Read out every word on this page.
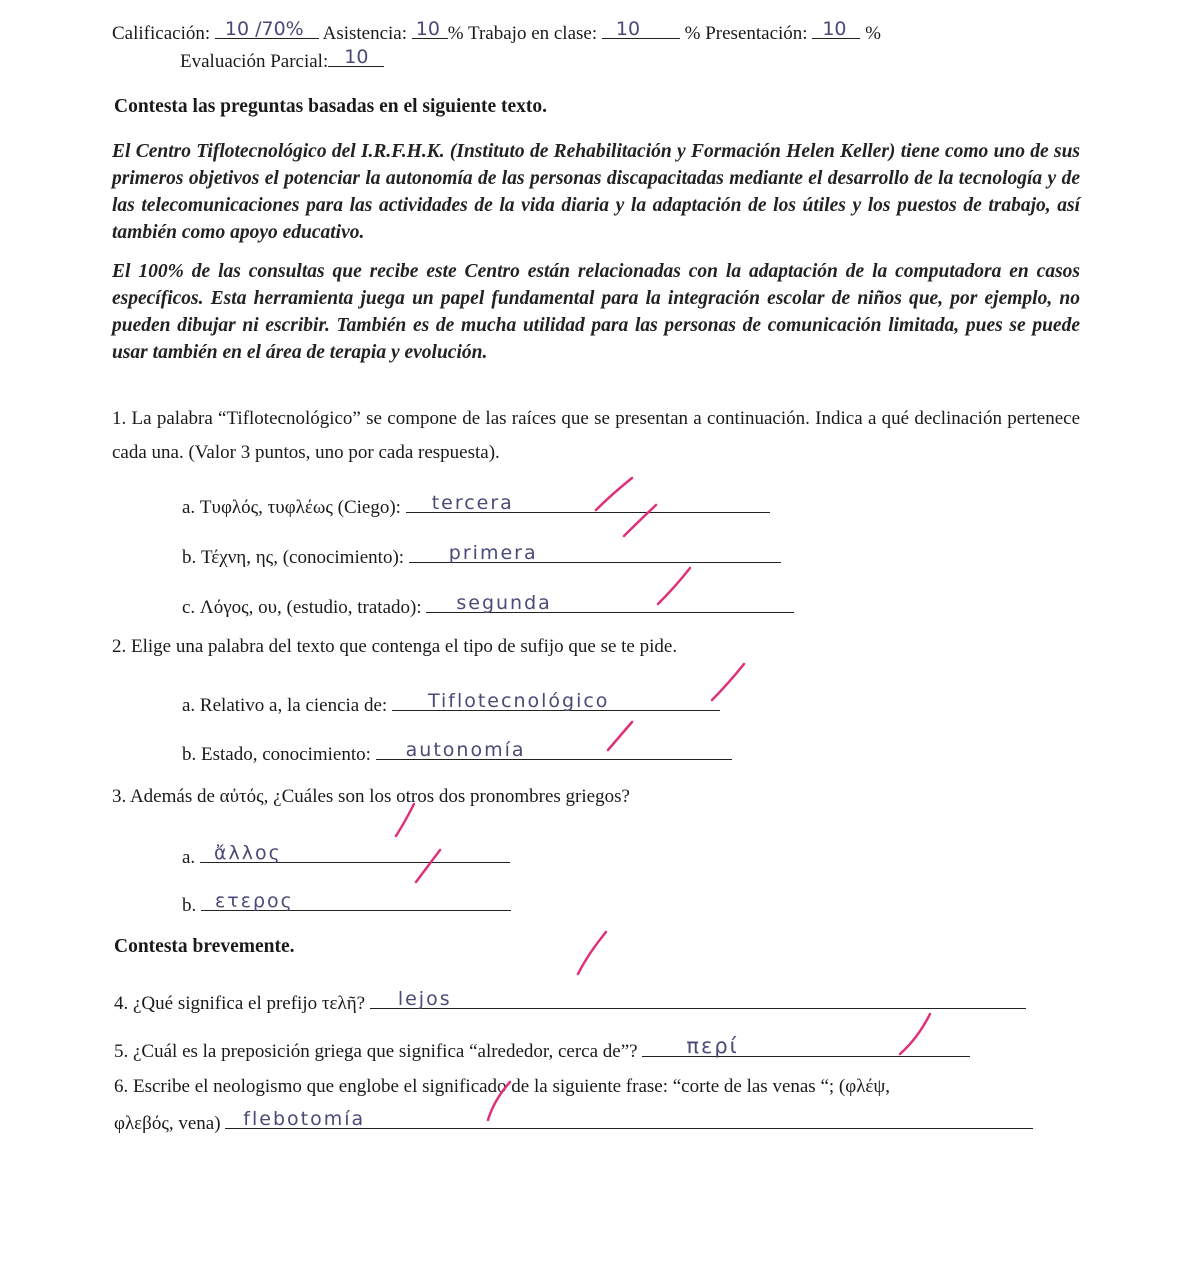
Calificación: 10 /70% Asistencia: 10 % Trabajo en clase: 10 % Presentación: 10 %
Evaluación Parcial: 10
Contesta las preguntas basadas en el siguiente texto.
El Centro Tiflotecnológico del I.R.F.H.K. (Instituto de Rehabilitación y Formación Helen Keller) tiene como uno de sus primeros objetivos el potenciar la autonomía de las personas discapacitadas mediante el desarrollo de la tecnología y de las telecomunicaciones para las actividades de la vida diaria y la adaptación de los útiles y los puestos de trabajo, así también como apoyo educativo.
El 100% de las consultas que recibe este Centro están relacionadas con la adaptación de la computadora en casos específicos. Esta herramienta juega un papel fundamental para la integración escolar de niños que, por ejemplo, no pueden dibujar ni escribir. También es de mucha utilidad para las personas de comunicación limitada, pues se puede usar también en el área de terapia y evolución.
1. La palabra “Tiflotecnológico” se compone de las raíces que se presentan a continuación. Indica a qué declinación pertenece cada una. (Valor 3 puntos, uno por cada respuesta).
a. Τυφλός, τυφλέως (Ciego): tercera
b. Τέχνη, ης, (conocimiento): primera
c. Λόγος, ου, (estudio, tratado): segunda
2. Elige una palabra del texto que contenga el tipo de sufijo que se te pide.
a. Relativo a, la ciencia de: Tiflotecnológico
b. Estado, conocimiento: autonomía
3. Además de αὐτός, ¿Cuáles son los otros dos pronombres griegos?
a. ἄλλος
b. ετερος
Contesta brevemente.
4. ¿Qué significa el prefijo τελῆ? lejos
5. ¿Cuál es la preposición griega que significa “alrededor, cerca de”? περί
6. Escribe el neologismo que englobe el significado de la siguiente frase: “corte de las venas “; (φλέψ,
φλεβός, vena) flebotomía
